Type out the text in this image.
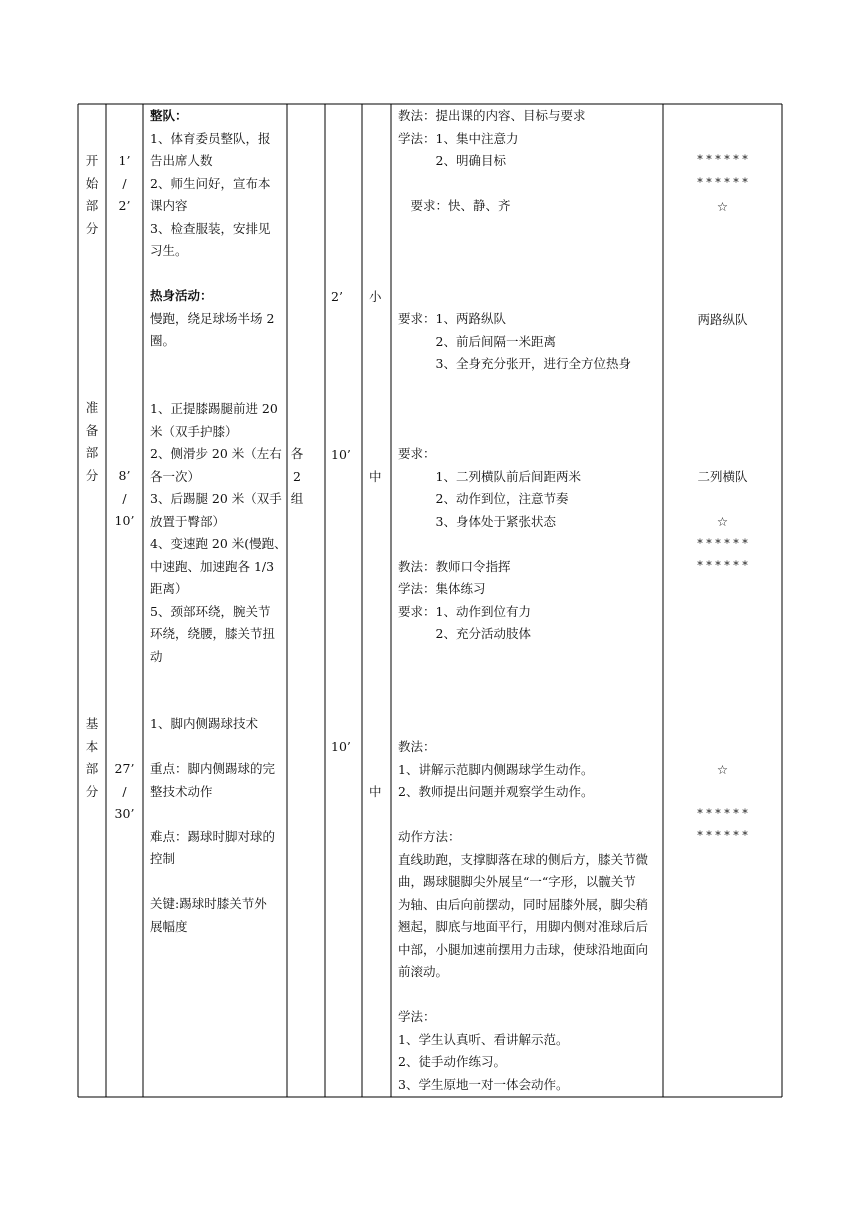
开
始
部
分
准
备
部
分
基
本
部
分
1’
/
2’
8’
/
10’
27’
/
30’
整队：
1、体育委员整队，报
告出席人数
2、师生问好，宣布本
课内容
3、检查服装，安排见
习生。
热身活动：
慢跑，绕足球场半场 2
圈。
1、正提膝踢腿前进 20
米（双手护膝）
2、侧滑步 20 米（左右
各一次）
3、后踢腿 20 米（双手
放置于臀部）
4、变速跑 20 米(慢跑、
中速跑、加速跑各 1/3
距离）
5、颈部环绕，腕关节
环绕，绕腰，膝关节扭
动
1、脚内侧踢球技术
重点：脚内侧踢球的完
整技术动作
难点：踢球时脚对球的
控制
关键:踢球时膝关节外
展幅度
各
2
组
2’
10’
10’
小
中
中
教法：提出课的内容、目标与要求
学法：1、集中注意力
　　　2、明确目标
　要求：快、静、齐
要求：1、两路纵队
　　　2、前后间隔一米距离
　　　3、全身充分张开，进行全方位热身
要求：
　　　1、二列横队前后间距两米
　　　2、动作到位，注意节奏
　　　3、身体处于紧张状态
教法：教师口令指挥
学法：集体练习
要求：1、动作到位有力
　　　2、充分活动肢体
教法：
1、讲解示范脚内侧踢球学生动作。
2、教师提出问题并观察学生动作。
动作方法：
直线助跑，支撑脚落在球的侧后方，膝关节微
曲，踢球腿脚尖外展呈“一“字形，以髋关节
为轴、由后向前摆动，同时屈膝外展，脚尖稍
翘起，脚底与地面平行，用脚内侧对准球后后
中部，小腿加速前摆用力击球，使球沿地面向
前滚动。
学法：
1、学生认真听、看讲解示范。
2、徒手动作练习。
3、学生原地一对一体会动作。
* * * * * *
* * * * * *
☆
两路纵队
二列横队
☆
* * * * * *
* * * * * *
☆
* * * * * *
* * * * * *
